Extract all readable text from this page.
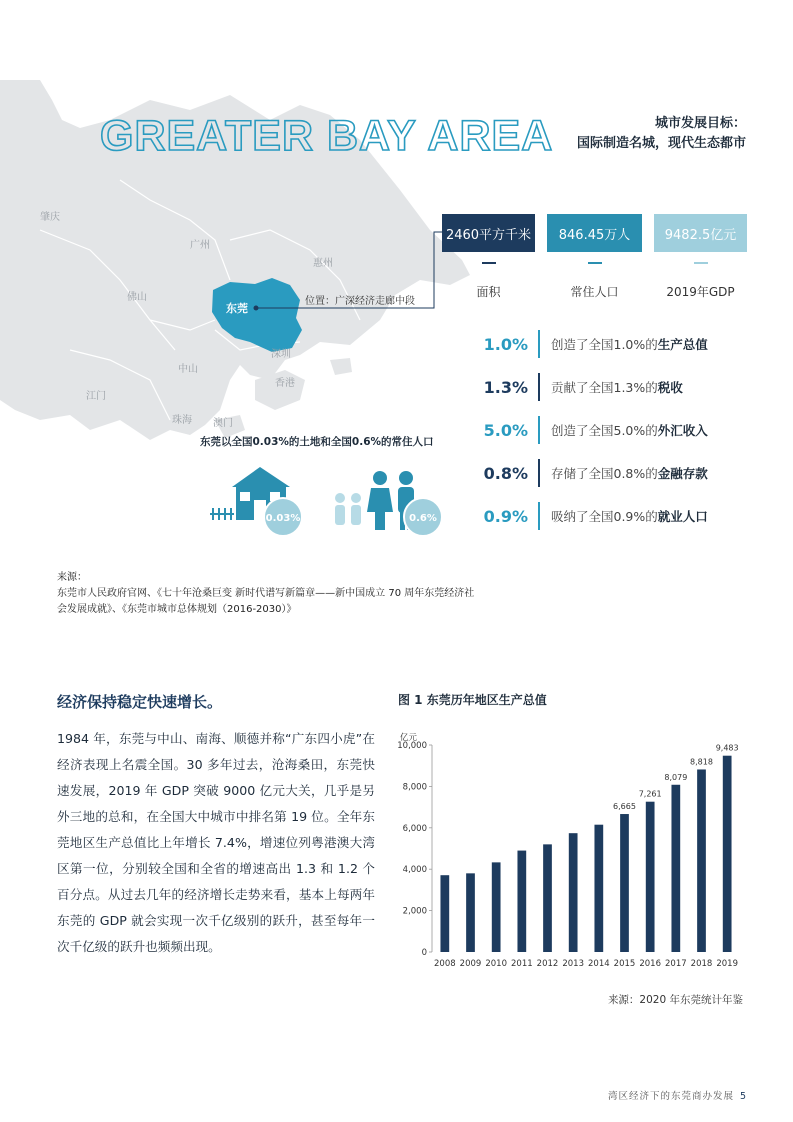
东莞
位置：广深经济走廊中段
肇庆
广州
惠州
佛山
中山
深圳
香港
江门
珠海 澳门
东莞以全国0.03%的土地和全国0.6%的常住人口
GREATER BAY AREA	城市发展目标：
国际制造名城，现代生态都市
2460平方千米 846.45万人	9482.5亿元
面积	常住人口	2019年GDP
0.03%	0.6%
1.0% 创造了全国1.0%的生产总值
1.3% 贡献了全国1.3%的税收
5.0% 创造了全国5.0%的外汇收入
0.8% 存储了全国0.8%的金融存款
0.9% 吸纳了全国0.9%的就业人口
来源：
东莞市人民政府官网、《七十年沧桑巨变 新时代谱写新篇章——新中国成立 70 周年东莞经济社
会发展成就》、《东莞市城市总体规划（2016-2030）》
经济保持稳定快速增长。
1984 年，东莞与中山、南海、顺德并称“广东四小虎”在经济表现上名震全国。30 多年过去，沧海桑田，东莞快速发展，2019 年 GDP 突破 9000 亿元大关，几乎是另外三地的总和，在全国大中城市中排名第 19 位。全年东莞地区生产总值比上年增长 7.4%，增速位列粤港澳大湾区第一位，分别较全国和全省的增速高出 1.3 和 1.2 个百分点。从过去几年的经济增长走势来看，基本上每两年东莞的 GDP 就会实现一次千亿级别的跃升，甚至每年一次千亿级的跃升也频频出现。
图 1 东莞历年地区生产总值
亿元
0
2,000
4,000
6,000
8,000
10,000
2008 2009 2010 2011 2012 2013 2014 2015
6,665
2016
7,261
2017
8,079
2018
8,818
2019
9,483
来源：2020 年东莞统计年鉴
湾区经济下的东莞商办发展 5
